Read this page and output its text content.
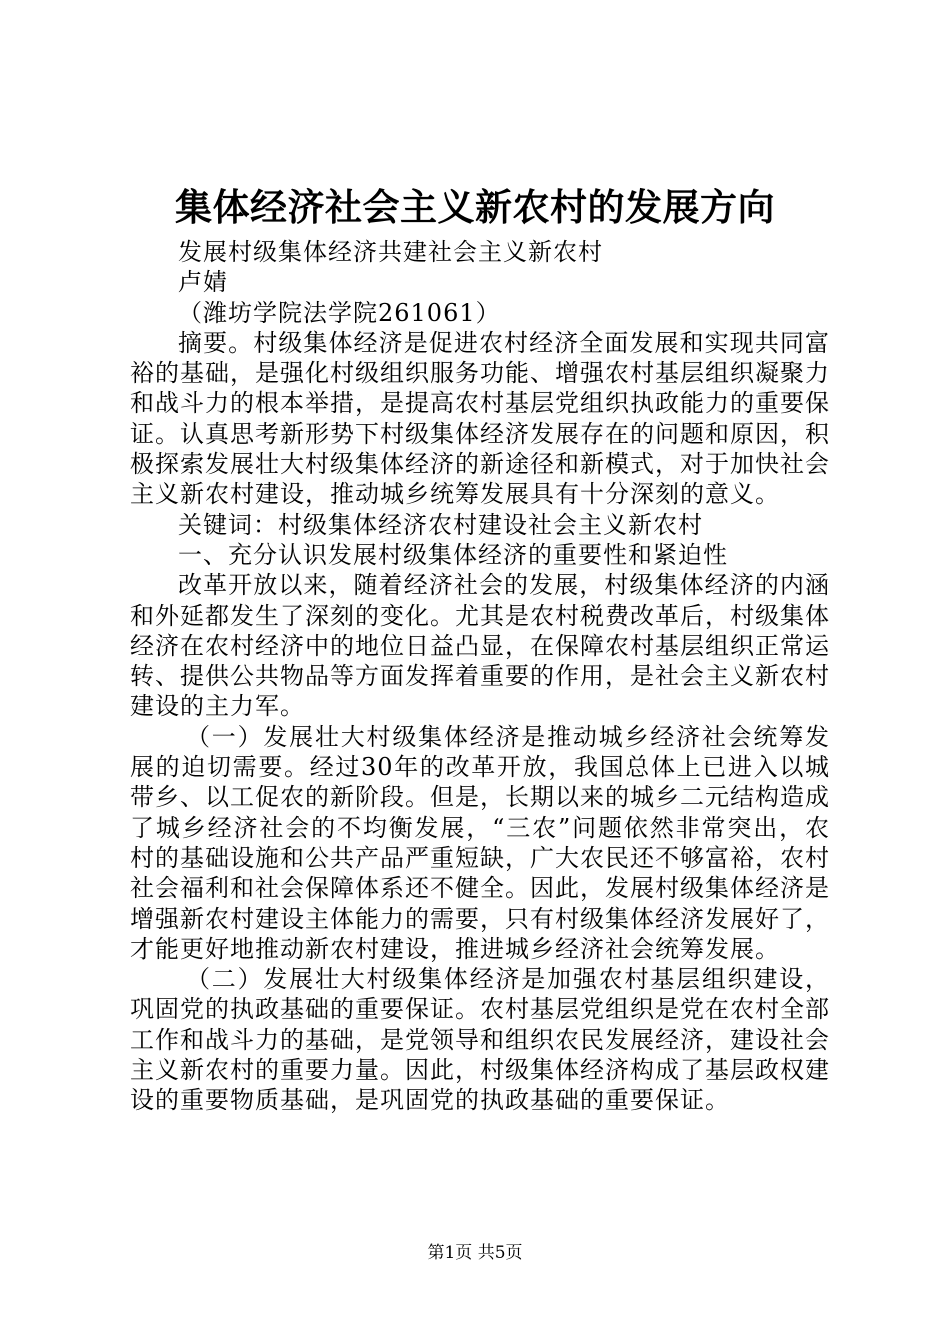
集体经济社会主义新农村的发展方向

发展村级集体经济共建社会主义新农村

卢婧

（潍坊学院法学院261061）

摘要。村级集体经济是促进农村经济全面发展和实现共同富裕的基础，是强化村级组织服务功能、增强农村基层组织凝聚力和战斗力的根本举措，是提高农村基层党组织执政能力的重要保证。认真思考新形势下村级集体经济发展存在的问题和原因，积极探索发展壮大村级集体经济的新途径和新模式，对于加快社会主义新农村建设，推动城乡统筹发展具有十分深刻的意义。

关键词：村级集体经济农村建设社会主义新农村

一、充分认识发展村级集体经济的重要性和紧迫性

改革开放以来，随着经济社会的发展，村级集体经济的内涵和外延都发生了深刻的变化。尤其是农村税费改革后，村级集体经济在农村经济中的地位日益凸显，在保障农村基层组织正常运转、提供公共物品等方面发挥着重要的作用，是社会主义新农村建设的主力军。

（一）发展壮大村级集体经济是推动城乡经济社会统筹发展的迫切需要。经过30年的改革开放，我国总体上已进入以城带乡、以工促农的新阶段。但是，长期以来的城乡二元结构造成了城乡经济社会的不均衡发展，“三农”问题依然非常突出，农村的基础设施和公共产品严重短缺，广大农民还不够富裕，农村社会福利和社会保障体系还不健全。因此，发展村级集体经济是增强新农村建设主体能力的需要，只有村级集体经济发展好了，才能更好地推动新农村建设，推进城乡经济社会统筹发展。

（二）发展壮大村级集体经济是加强农村基层组织建设，巩固党的执政基础的重要保证。农村基层党组织是党在农村全部工作和战斗力的基础，是党领导和组织农民发展经济，建设社会主义新农村的重要力量。因此，村级集体经济构成了基层政权建设的重要物质基础，是巩固党的执政基础的重要保证。

第1页 共5页
